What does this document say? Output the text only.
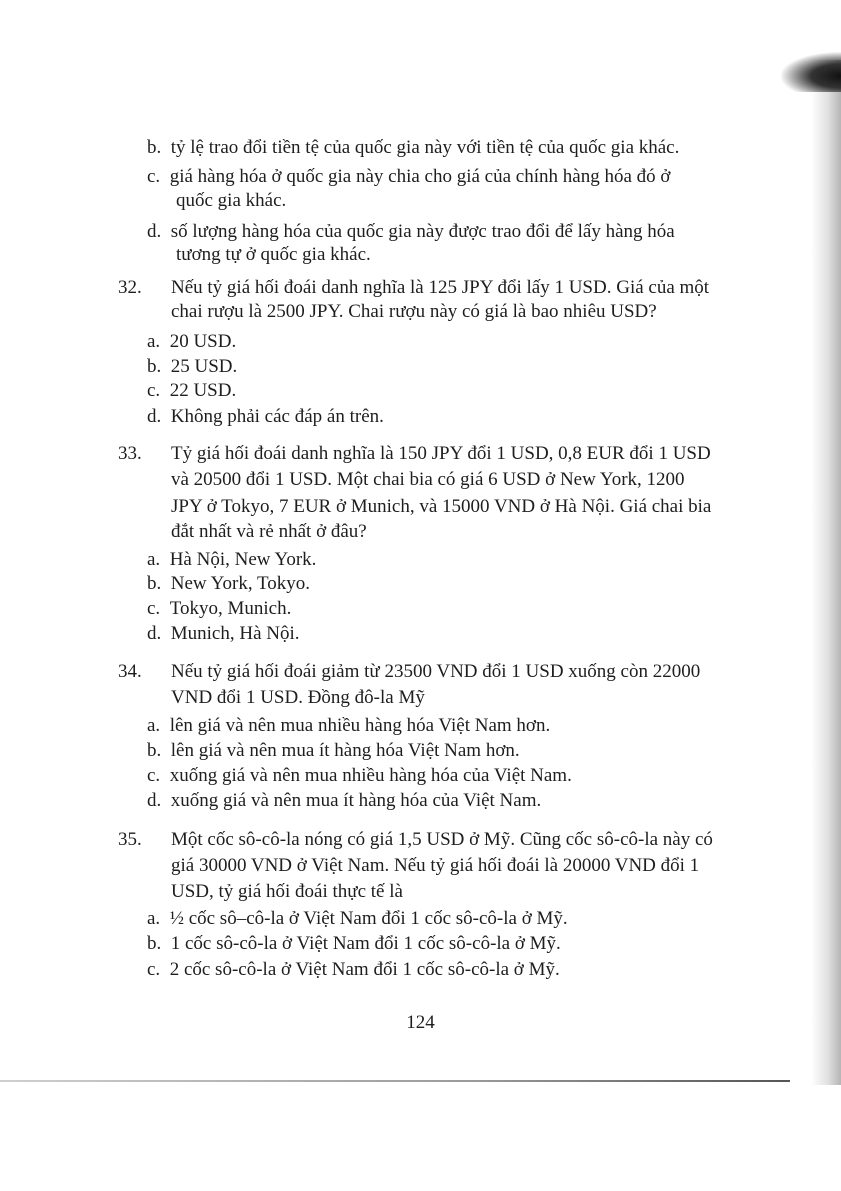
b. tỷ lệ trao đổi tiền tệ của quốc gia này với tiền tệ của quốc gia khác.
c. giá hàng hóa ở quốc gia này chia cho giá của chính hàng hóa đó ở
quốc gia khác.
d. số lượng hàng hóa của quốc gia này được trao đổi để lấy hàng hóa
tương tự ở quốc gia khác.
32. Nếu tỷ giá hối đoái danh nghĩa là 125 JPY đổi lấy 1 USD. Giá của một
chai rượu là 2500 JPY. Chai rượu này có giá là bao nhiêu USD?
a. 20 USD.
b. 25 USD.
c. 22 USD.
d. Không phải các đáp án trên.
33. Tỷ giá hối đoái danh nghĩa là 150 JPY đổi 1 USD, 0,8 EUR đổi 1 USD
và 20500 đổi 1 USD. Một chai bia có giá 6 USD ở New York, 1200
JPY ở Tokyo, 7 EUR ở Munich, và 15000 VND ở Hà Nội. Giá chai bia
đắt nhất và rẻ nhất ở đâu?
a. Hà Nội, New York.
b. New York, Tokyo.
c. Tokyo, Munich.
d. Munich, Hà Nội.
34. Nếu tỷ giá hối đoái giảm từ 23500 VND đổi 1 USD xuống còn 22000
VND đổi 1 USD. Đồng đô-la Mỹ
a. lên giá và nên mua nhiều hàng hóa Việt Nam hơn.
b. lên giá và nên mua ít hàng hóa Việt Nam hơn.
c. xuống giá và nên mua nhiều hàng hóa của Việt Nam.
d. xuống giá và nên mua ít hàng hóa của Việt Nam.
35. Một cốc sô-cô-la nóng có giá 1,5 USD ở Mỹ. Cũng cốc sô-cô-la này có
giá 30000 VND ở Việt Nam. Nếu tỷ giá hối đoái là 20000 VND đổi 1
USD, tỷ giá hối đoái thực tế là
a. ½ cốc sô–cô-la ở Việt Nam đổi 1 cốc sô-cô-la ở Mỹ.
b. 1 cốc sô-cô-la ở Việt Nam đổi 1 cốc sô-cô-la ở Mỹ.
c. 2 cốc sô-cô-la ở Việt Nam đổi 1 cốc sô-cô-la ở Mỹ.
124
